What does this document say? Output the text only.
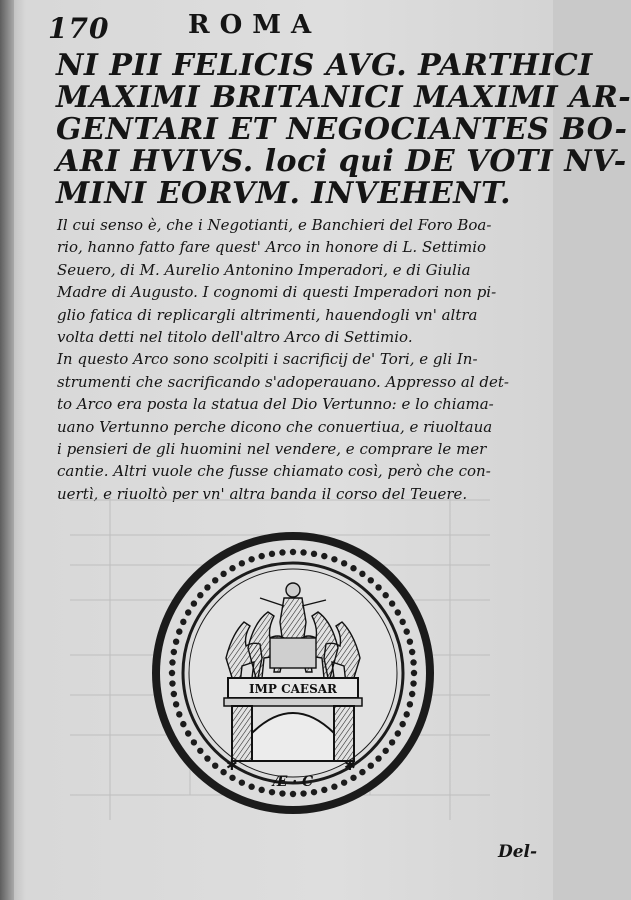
170	ROMA
NI PII FELICIS AVG. PARTHICI
MAXIMI BRITANICI MAXIMI AR-
GENTARI ET NEGOCIANTES BO-
ARI HVIVS. loci qui DE VOTI NV-
MINI EORVM. INVEHENT.
Il cui senso è, che i Negotianti, e Banchieri del Foro Boa-
rio, hanno fatto fare quest' Arco in honore di L. Settimio
Seuero, di M. Aurelio Antonino Imperadori, e di Giulia
Madre di Augusto. I cognomi di questi Imperadori non pi-
glio fatica di replicargli altrimenti, hauendogli vn' altra
volta detti nel titolo dell'altro Arco di Settimio.
In questo Arco sono scolpiti i sacrificij de' Tori, e gli In-
strumenti che sacrificando s'adoperauano. Appresso al det-
to Arco era posta la statua del Dio Vertunno: e lo chiama-
uano Vertunno perche dicono che conuertiua, e riuoltaua
i pensieri de gli huomini nel vendere, e comprare le mer
cantie. Altri vuole che fusse chiamato così, però che con-
uertì, e riuoltò per vn' altra banda il corso del Teuere.
IMP CAESAR
✱	✱
Æ · C
Del-
